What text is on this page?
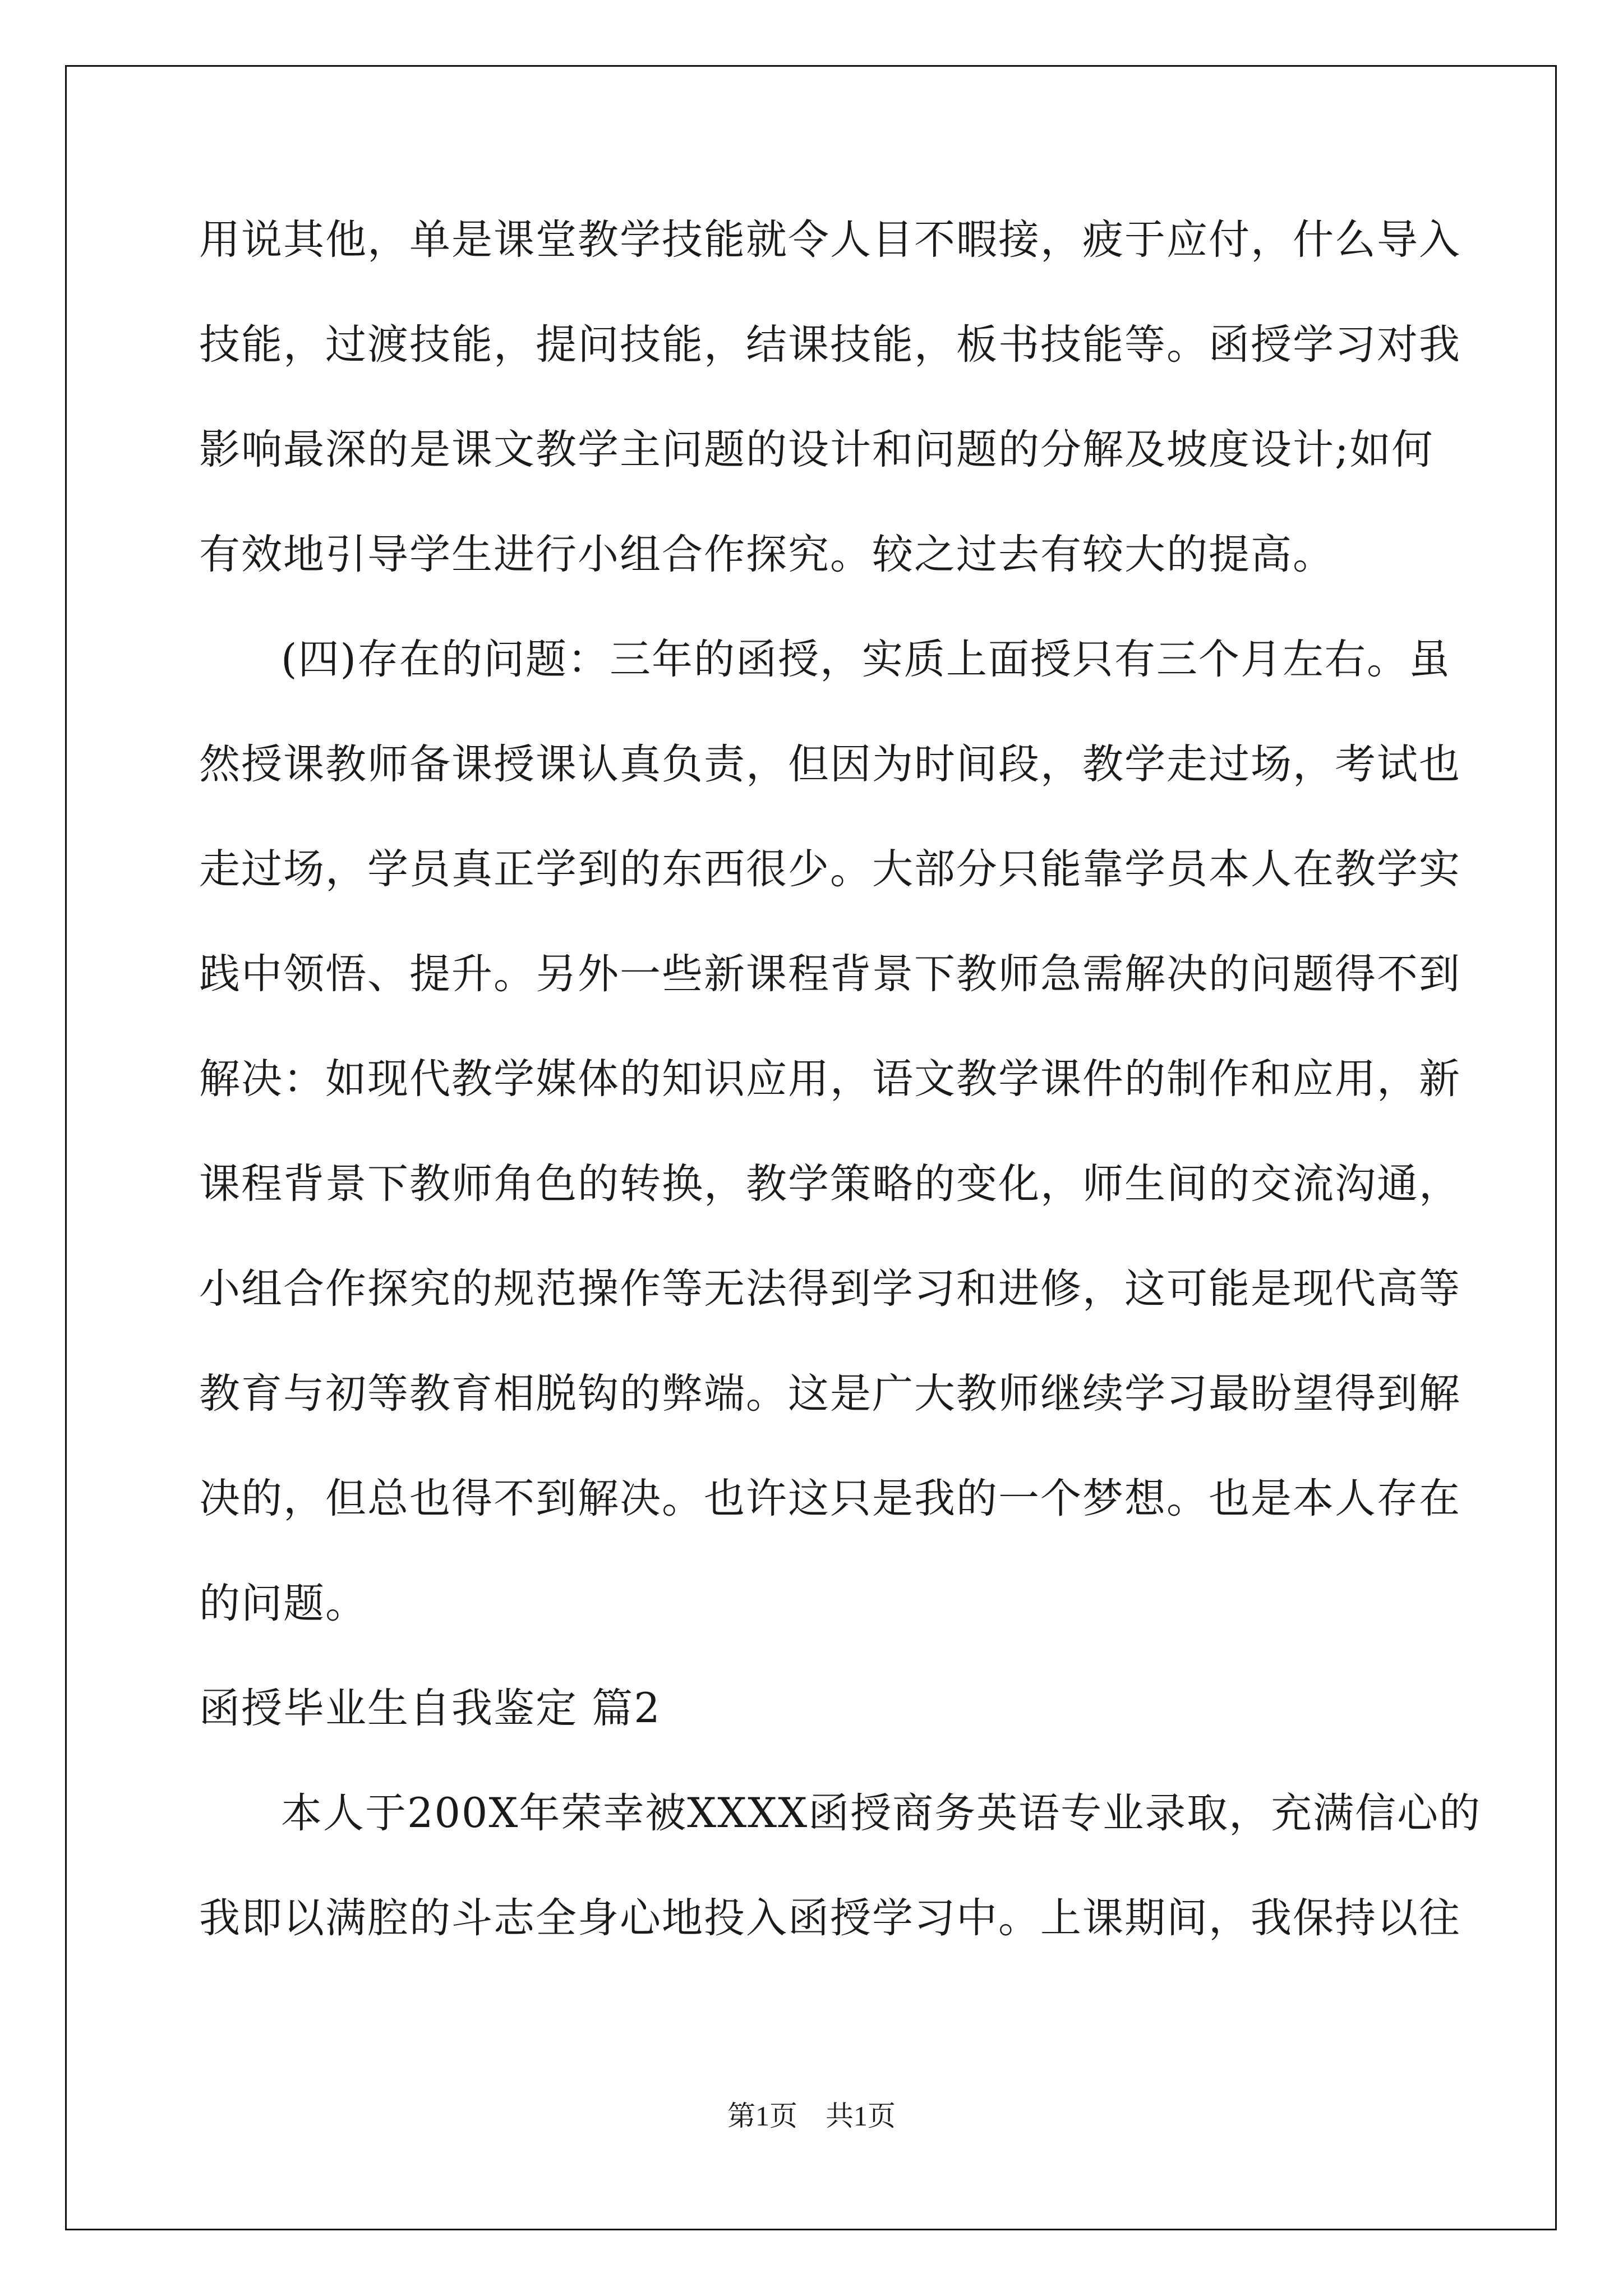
用说其他，单是课堂教学技能就令人目不暇接，疲于应付，什么导入
技能，过渡技能，提问技能，结课技能，板书技能等。函授学习对我
影响最深的是课文教学主问题的设计和问题的分解及坡度设计;如何
有效地引导学生进行小组合作探究。较之过去有较大的提高。
(四)存在的问题：三年的函授，实质上面授只有三个月左右。虽
然授课教师备课授课认真负责，但因为时间段，教学走过场，考试也
走过场，学员真正学到的东西很少。大部分只能靠学员本人在教学实
践中领悟、提升。另外一些新课程背景下教师急需解决的问题得不到
解决：如现代教学媒体的知识应用，语文教学课件的制作和应用，新
课程背景下教师角色的转换，教学策略的变化，师生间的交流沟通，
小组合作探究的规范操作等无法得到学习和进修，这可能是现代高等
教育与初等教育相脱钩的弊端。这是广大教师继续学习最盼望得到解
决的，但总也得不到解决。也许这只是我的一个梦想。也是本人存在
的问题。
函授毕业生自我鉴定 篇2
本人于200X年荣幸被XXXX函授商务英语专业录取，充满信心的
我即以满腔的斗志全身心地投入函授学习中。上课期间，我保持以往
第1页 共1页
